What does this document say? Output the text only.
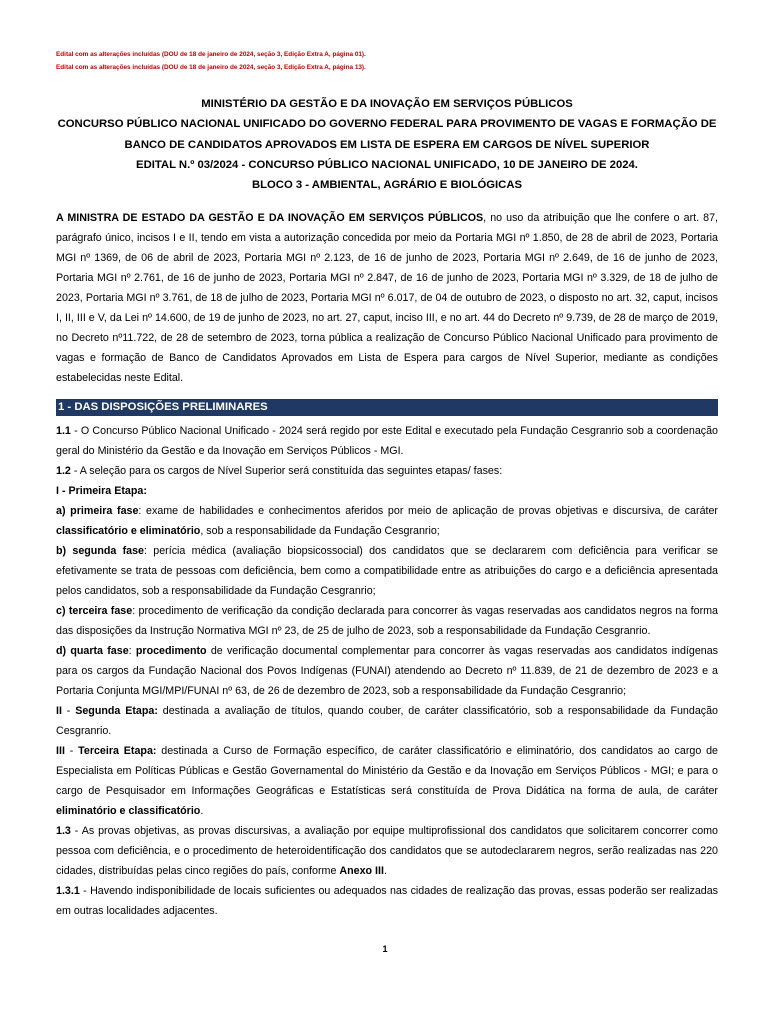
Edital com as alterações incluídas (DOU de 18 de janeiro de 2024, seção 3, Edição Extra A, página 01).

Edital com as alterações incluídas (DOU de 18 de janeiro de 2024, seção 3, Edição Extra A, página 13).

MINISTÉRIO DA GESTÃO E DA INOVAÇÃO EM SERVIÇOS PÚBLICOS

CONCURSO PÚBLICO NACIONAL UNIFICADO DO GOVERNO FEDERAL PARA PROVIMENTO DE VAGAS E FORMAÇÃO DE BANCO DE CANDIDATOS APROVADOS EM LISTA DE ESPERA EM CARGOS DE NÍVEL SUPERIOR

EDITAL N.º 03/2024 - CONCURSO PÚBLICO NACIONAL UNIFICADO, 10 DE JANEIRO DE 2024.

BLOCO 3 - AMBIENTAL, AGRÁRIO E BIOLÓGICAS

A MINISTRA DE ESTADO DA GESTÃO E DA INOVAÇÃO EM SERVIÇOS PÚBLICOS, no uso da atribuição que lhe confere o art. 87, parágrafo único, incisos I e II, tendo em vista a autorização concedida por meio da Portaria MGI nº 1.850, de 28 de abril de 2023, Portaria MGI nº 1369, de 06 de abril de 2023, Portaria MGI nº 2.123, de 16 de junho de 2023, Portaria MGI nº 2.649, de 16 de junho de 2023, Portaria MGI nº 2.761, de 16 de junho de 2023, Portaria MGI nº 2.847, de 16 de junho de 2023, Portaria MGI nº 3.329, de 18 de julho de 2023, Portaria MGI nº 3.761, de 18 de julho de 2023, Portaria MGI nº 6.017, de 04 de outubro de 2023, o disposto no art. 32, caput, incisos I, II, III e V, da Lei nº 14.600, de 19 de junho de 2023, no art. 27, caput, inciso III, e no art. 44 do Decreto nº 9.739, de 28 de março de 2019, no Decreto nº11.722, de 28 de setembro de 2023, torna pública a realização de Concurso Público Nacional Unificado para provimento de vagas e formação de Banco de Candidatos Aprovados em Lista de Espera para cargos de Nível Superior, mediante as condições estabelecidas neste Edital.

1 - DAS DISPOSIÇÕES PRELIMINARES

1.1 - O Concurso Público Nacional Unificado - 2024 será regido por este Edital e executado pela Fundação Cesgranrio sob a coordenação geral do Ministério da Gestão e da Inovação em Serviços Públicos - MGI.

1.2 - A seleção para os cargos de Nível Superior será constituída das seguintes etapas/ fases:

I - Primeira Etapa:

a) primeira fase: exame de habilidades e conhecimentos aferidos por meio de aplicação de provas objetivas e discursiva, de caráter classificatório e eliminatório, sob a responsabilidade da Fundação Cesgranrio;

b) segunda fase: perícia médica (avaliação biopsicossocial) dos candidatos que se declararem com deficiência para verificar se efetivamente se trata de pessoas com deficiência, bem como a compatibilidade entre as atribuições do cargo e a deficiência apresentada pelos candidatos, sob a responsabilidade da Fundação Cesgranrio;

c) terceira fase: procedimento de verificação da condição declarada para concorrer às vagas reservadas aos candidatos negros na forma das disposições da Instrução Normativa MGI nº 23, de 25 de julho de 2023, sob a responsabilidade da Fundação Cesgranrio.

d) quarta fase: procedimento de verificação documental complementar para concorrer às vagas reservadas aos candidatos indígenas para os cargos da Fundação Nacional dos Povos Indígenas (FUNAI) atendendo ao Decreto nº 11.839, de 21 de dezembro de 2023 e a Portaria Conjunta MGI/MPI/FUNAI nº 63, de 26 de dezembro de 2023, sob a responsabilidade da Fundação Cesgranrio;

II - Segunda Etapa: destinada a avaliação de títulos, quando couber, de caráter classificatório, sob a responsabilidade da Fundação Cesgranrio.

III - Terceira Etapa: destinada a Curso de Formação específico, de caráter classificatório e eliminatório, dos candidatos ao cargo de Especialista em Políticas Públicas e Gestão Governamental do Ministério da Gestão e da Inovação em Serviços Públicos - MGI; e para o cargo de Pesquisador em Informações Geográficas e Estatísticas será constituída de Prova Didática na forma de aula, de caráter eliminatório e classificatório.

1.3 - As provas objetivas, as provas discursivas, a avaliação por equipe multiprofissional dos candidatos que solicitarem concorrer como pessoa com deficiência, e o procedimento de heteroidentificação dos candidatos que se autodeclararem negros, serão realizadas nas 220 cidades, distribuídas pelas cinco regiões do país, conforme Anexo III.

1.3.1 - Havendo indisponibilidade de locais suficientes ou adequados nas cidades de realização das provas, essas poderão ser realizadas em outras localidades adjacentes.

1
